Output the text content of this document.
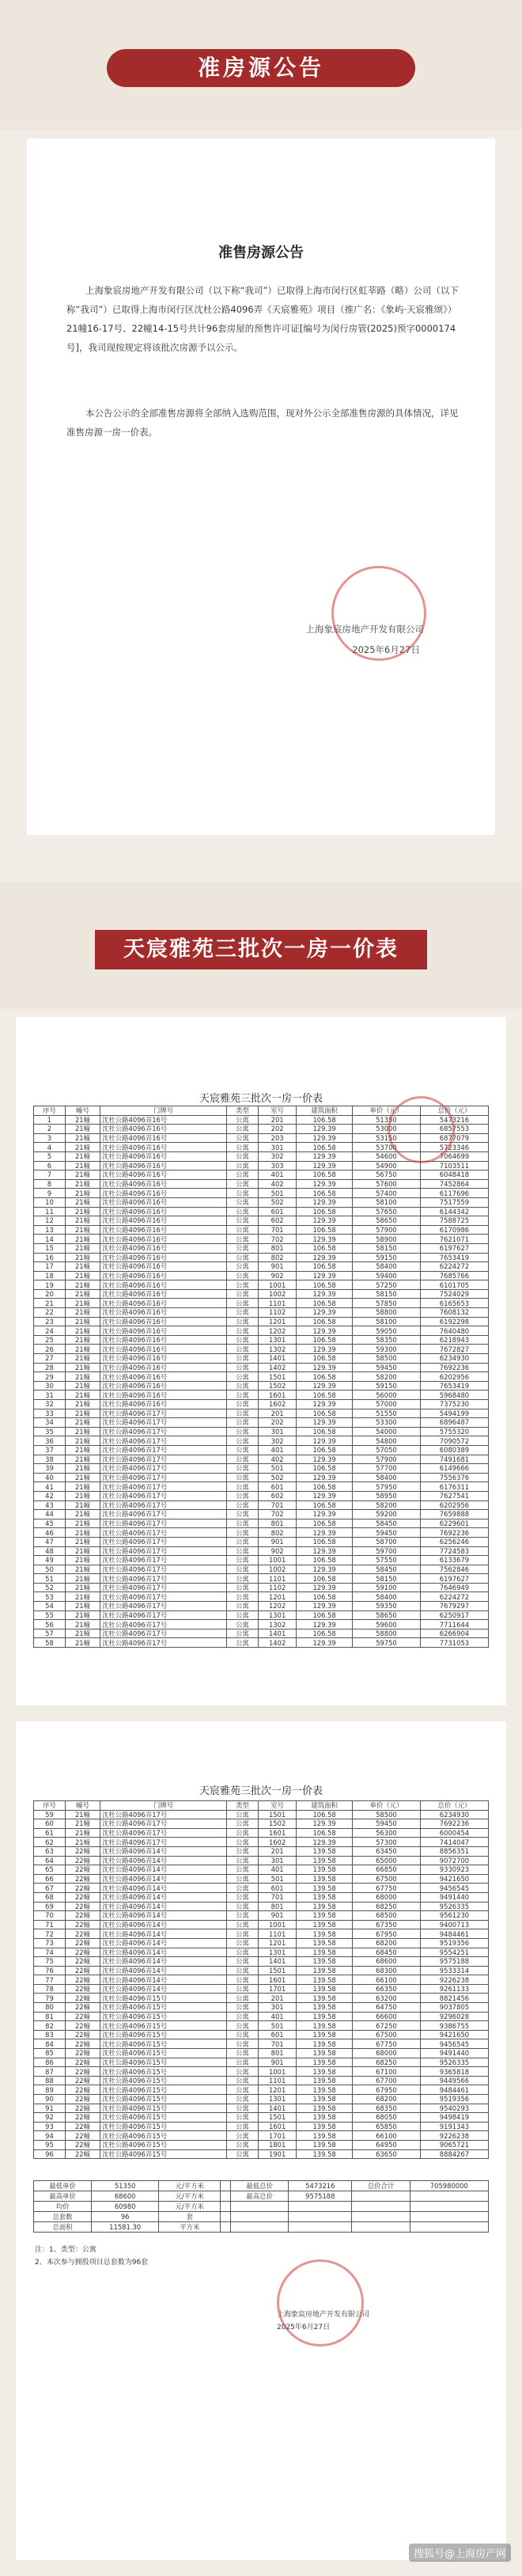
准房源公告
准售房源公告
上海象宸房地产开发有限公司（以下称“我司”）已取得上海市闵行区虹莘路（略）公司（以下称“我司”）已取得上海市闵行区沈杜公路4096弄《天宸雅苑》项目（推广名：《象屿·天宸雅颂》）21幢16-17号、22幢14-15号共计96套房屋的预售许可证[编号为闵行房管(2025)预字0000174号]，我司现按规定将该批次房源予以公示。
本公告公示的全部准售房源将全部纳入选购范围，现对外公示全部准售房源的具体情况，详见准售房源一房一价表。
上海象宸房地产开发有限公司
2025年6月27日
天宸雅苑三批次一房一价表
天宸雅苑三批次一房一价表
序号	幢号	门牌号	类型	室号	建筑面积	单价（元）	总价（元）
1	21幢	沈杜公路4096弄16号	公寓	201	106.58	51350	5473216
2	21幢	沈杜公路4096弄16号	公寓	202	129.39	53000	6857553
3	21幢	沈杜公路4096弄16号	公寓	203	129.39	53150	6877079
4	21幢	沈杜公路4096弄16号	公寓	301	106.58	53700	5723346
5	21幢	沈杜公路4096弄16号	公寓	302	129.39	54600	7064699
6	21幢	沈杜公路4096弄16号	公寓	303	129.39	54900	7103511
7	21幢	沈杜公路4096弄16号	公寓	401	106.58	56750	6048418
8	21幢	沈杜公路4096弄16号	公寓	402	129.39	57600	7452864
9	21幢	沈杜公路4096弄16号	公寓	501	106.58	57400	6117696
10	21幢	沈杜公路4096弄16号	公寓	502	129.39	58100	7517559
11	21幢	沈杜公路4096弄16号	公寓	601	106.58	57650	6144342
12	21幢	沈杜公路4096弄16号	公寓	602	129.39	58650	7588725
13	21幢	沈杜公路4096弄16号	公寓	701	106.58	57900	6170986
14	21幢	沈杜公路4096弄16号	公寓	702	129.39	58900	7621071
15	21幢	沈杜公路4096弄16号	公寓	801	106.58	58150	6197627
16	21幢	沈杜公路4096弄16号	公寓	802	129.39	59150	7653419
17	21幢	沈杜公路4096弄16号	公寓	901	106.58	58400	6224272
18	21幢	沈杜公路4096弄16号	公寓	902	129.39	59400	7685766
19	21幢	沈杜公路4096弄16号	公寓	1001	106.58	57250	6101705
20	21幢	沈杜公路4096弄16号	公寓	1002	129.39	58150	7524029
21	21幢	沈杜公路4096弄16号	公寓	1101	106.58	57850	6165653
22	21幢	沈杜公路4096弄16号	公寓	1102	129.39	58800	7608132
23	21幢	沈杜公路4096弄16号	公寓	1201	106.58	58100	6192298
24	21幢	沈杜公路4096弄16号	公寓	1202	129.39	59050	7640480
25	21幢	沈杜公路4096弄16号	公寓	1301	106.58	58350	6218943
26	21幢	沈杜公路4096弄16号	公寓	1302	129.39	59300	7672827
27	21幢	沈杜公路4096弄16号	公寓	1401	106.58	58500	6234930
28	21幢	沈杜公路4096弄16号	公寓	1402	129.39	59450	7692236
29	21幢	沈杜公路4096弄16号	公寓	1501	106.58	58200	6202956
30	21幢	沈杜公路4096弄16号	公寓	1502	129.39	59150	7653419
31	21幢	沈杜公路4096弄16号	公寓	1601	106.58	56000	5968480
32	21幢	沈杜公路4096弄16号	公寓	1602	129.39	57000	7375230
33	21幢	沈杜公路4096弄17号	公寓	201	106.58	51550	5494199
34	21幢	沈杜公路4096弄17号	公寓	202	129.39	53300	6896487
35	21幢	沈杜公路4096弄17号	公寓	301	106.58	54000	5755320
36	21幢	沈杜公路4096弄17号	公寓	302	129.39	54800	7090572
37	21幢	沈杜公路4096弄17号	公寓	401	106.58	57050	6080389
38	21幢	沈杜公路4096弄17号	公寓	402	129.39	57900	7491681
39	21幢	沈杜公路4096弄17号	公寓	501	106.58	57700	6149666
40	21幢	沈杜公路4096弄17号	公寓	502	129.39	58400	7556376
41	21幢	沈杜公路4096弄17号	公寓	601	106.58	57950	6176311
42	21幢	沈杜公路4096弄17号	公寓	602	129.39	58950	7627541
43	21幢	沈杜公路4096弄17号	公寓	701	106.58	58200	6202956
44	21幢	沈杜公路4096弄17号	公寓	702	129.39	59200	7659888
45	21幢	沈杜公路4096弄17号	公寓	801	106.58	58450	6229601
46	21幢	沈杜公路4096弄17号	公寓	802	129.39	59450	7692236
47	21幢	沈杜公路4096弄17号	公寓	901	106.58	58700	6256246
48	21幢	沈杜公路4096弄17号	公寓	902	129.39	59700	7724583
49	21幢	沈杜公路4096弄17号	公寓	1001	106.58	57550	6133679
50	21幢	沈杜公路4096弄17号	公寓	1002	129.39	58450	7562846
51	21幢	沈杜公路4096弄17号	公寓	1101	106.58	58150	6197627
52	21幢	沈杜公路4096弄17号	公寓	1102	129.39	59100	7646949
53	21幢	沈杜公路4096弄17号	公寓	1201	106.58	58400	6224272
54	21幢	沈杜公路4096弄17号	公寓	1202	129.39	59350	7679297
55	21幢	沈杜公路4096弄17号	公寓	1301	106.58	58650	6250917
56	21幢	沈杜公路4096弄17号	公寓	1302	129.39	59600	7711644
57	21幢	沈杜公路4096弄17号	公寓	1401	106.58	58800	6266904
58	21幢	沈杜公路4096弄17号	公寓	1402	129.39	59750	7731053
天宸雅苑三批次一房一价表
序号	幢号	门牌号	类型	室号	建筑面积	单价（元）	总价（元）
59	21幢	沈杜公路4096弄17号	公寓	1501	106.58	58500	6234930
60	21幢	沈杜公路4096弄17号	公寓	1502	129.39	59450	7692236
61	21幢	沈杜公路4096弄17号	公寓	1601	106.58	56300	6000454
62	21幢	沈杜公路4096弄17号	公寓	1602	129.39	57300	7414047
63	22幢	沈杜公路4096弄14号	公寓	201	139.58	63450	8856351
64	22幢	沈杜公路4096弄14号	公寓	301	139.58	65000	9072700
65	22幢	沈杜公路4096弄14号	公寓	401	139.58	66850	9330923
66	22幢	沈杜公路4096弄14号	公寓	501	139.58	67500	9421650
67	22幢	沈杜公路4096弄14号	公寓	601	139.58	67750	9456545
68	22幢	沈杜公路4096弄14号	公寓	701	139.58	68000	9491440
69	22幢	沈杜公路4096弄14号	公寓	801	139.58	68250	9526335
70	22幢	沈杜公路4096弄14号	公寓	901	139.58	68500	9561230
71	22幢	沈杜公路4096弄14号	公寓	1001	139.58	67350	9400713
72	22幢	沈杜公路4096弄14号	公寓	1101	139.58	67950	9484461
73	22幢	沈杜公路4096弄14号	公寓	1201	139.58	68200	9519356
74	22幢	沈杜公路4096弄14号	公寓	1301	139.58	68450	9554251
75	22幢	沈杜公路4096弄14号	公寓	1401	139.58	68600	9575188
76	22幢	沈杜公路4096弄14号	公寓	1501	139.58	68300	9533314
77	22幢	沈杜公路4096弄14号	公寓	1601	139.58	66100	9226238
78	22幢	沈杜公路4096弄14号	公寓	1701	139.58	66350	9261133
79	22幢	沈杜公路4096弄15号	公寓	201	139.58	63200	8821456
80	22幢	沈杜公路4096弄15号	公寓	301	139.58	64750	9037805
81	22幢	沈杜公路4096弄15号	公寓	401	139.58	66600	9296028
82	22幢	沈杜公路4096弄15号	公寓	501	139.58	67250	9386755
83	22幢	沈杜公路4096弄15号	公寓	601	139.58	67500	9421650
84	22幢	沈杜公路4096弄15号	公寓	701	139.58	67750	9456545
85	22幢	沈杜公路4096弄15号	公寓	801	139.58	68000	9491440
86	22幢	沈杜公路4096弄15号	公寓	901	139.58	68250	9526335
87	22幢	沈杜公路4096弄15号	公寓	1001	139.58	67100	9365818
88	22幢	沈杜公路4096弄15号	公寓	1101	139.58	67700	9449566
89	22幢	沈杜公路4096弄15号	公寓	1201	139.58	67950	9484461
90	22幢	沈杜公路4096弄15号	公寓	1301	139.58	68200	9519356
91	22幢	沈杜公路4096弄15号	公寓	1401	139.58	68350	9540293
92	22幢	沈杜公路4096弄15号	公寓	1501	139.58	68050	9498419
93	22幢	沈杜公路4096弄15号	公寓	1601	139.58	65850	9191343
94	22幢	沈杜公路4096弄15号	公寓	1701	139.58	66100	9226238
95	22幢	沈杜公路4096弄15号	公寓	1801	139.58	64950	9065721
96	22幢	沈杜公路4096弄15号	公寓	1901	139.58	63650	8884267
最低单价	51350	元/平方米		最低总价	5473216	总价合计	705980000
最高单价	68600	元/平方米		最高总价	9575188		
均价	60980	元/平方米					
总套数	96	套					
总面积	11581.30	平方米					
注：1、类型：公寓
2、本次参与拥股项目总套数为96套
上海象宸房地产开发有限公司
2025年6月27日
搜狐号@上海房产网
